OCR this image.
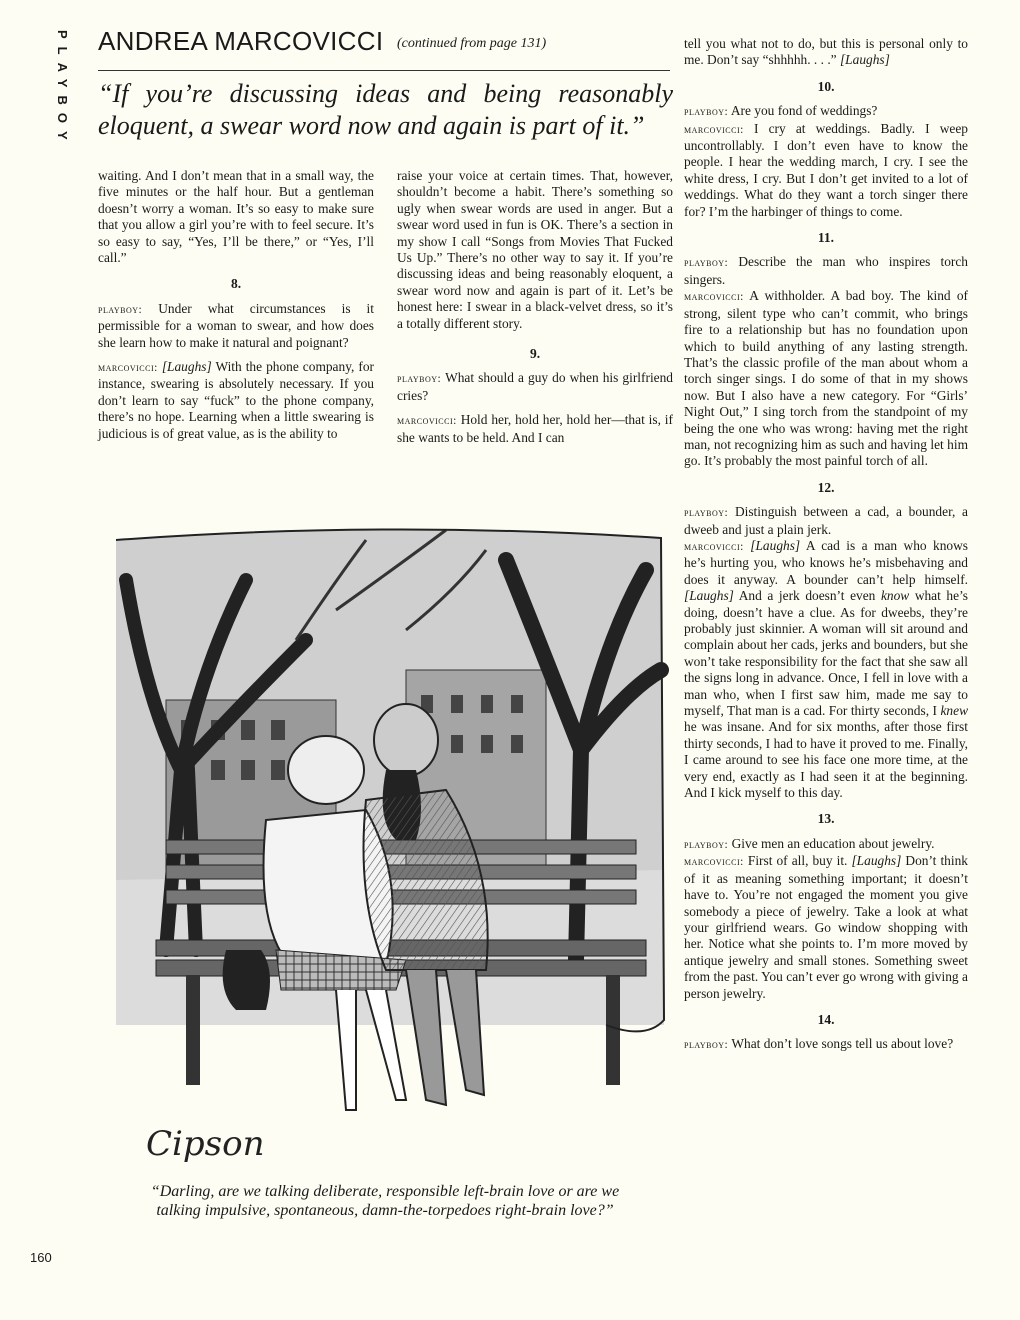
PLAYBOY ANDREA MARCOVICCI (continued from page 131)
“If you’re discussing ideas and being reasonably eloquent, a swear word now and again is part of it.”

waiting. And I don’t mean that in a small way, the five minutes or the half hour. But a gentleman doesn’t worry a woman. It’s so easy to make sure that you allow a girl you’re with to feel secure. It’s so easy to say, “Yes, I’ll be there,” or “Yes, I’ll call.”

8.

playboy: Under what circumstances is it permissible for a woman to swear, and how does she learn how to make it natural and poignant?

marcovicci: [Laughs] With the phone company, for instance, swearing is absolutely necessary. If you don’t learn to say “fuck” to the phone company, there’s no hope. Learning when a little swearing is judicious is of great value, as is the ability to

raise your voice at certain times. That, however, shouldn’t become a habit. There’s something so ugly when swear words are used in anger. But a swear word used in fun is OK. There’s a section in my show I call “Songs from Movies That Fucked Us Up.” There’s no other way to say it. If you’re discussing ideas and being reasonably eloquent, a swear word now and again is part of it. Let’s be honest here: I swear in a black-velvet dress, so it’s a totally different story.

9.

playboy: What should a guy do when his girlfriend cries?

marcovicci: Hold her, hold her, hold her—that is, if she wants to be held. And I can

tell you what not to do, but this is personal only to me. Don’t say “shhhhh. . . .” [Laughs]

10.

playboy: Are you fond of weddings?

marcovicci: I cry at weddings. Badly. I weep uncontrollably. I don’t even have to know the people. I hear the wedding march, I cry. I see the white dress, I cry. But I don’t get invited to a lot of weddings. What do they want a torch singer there for? I’m the harbinger of things to come.

11.

playboy: Describe the man who inspires torch singers.

marcovicci: A withholder. A bad boy. The kind of strong, silent type who can’t commit, who brings fire to a relationship but has no foundation upon which to build anything of any lasting strength. That’s the classic profile of the man about whom a torch singer sings. I do some of that in my shows now. But I also have a new category. For “Girls’ Night Out,” I sing torch from the standpoint of my being the one who was wrong: having met the right man, not recognizing him as such and having let him go. It’s probably the most painful torch of all.

12.

playboy: Distinguish between a cad, a bounder, a dweeb and just a plain jerk.

marcovicci: [Laughs] A cad is a man who knows he’s hurting you, who knows he’s misbehaving and does it anyway. A bounder can’t help himself. [Laughs] And a jerk doesn’t even know what he’s doing, doesn’t have a clue. As for dweebs, they’re probably just skinnier. A woman will sit around and complain about her cads, jerks and bounders, but she won’t take responsibility for the fact that she saw all the signs long in advance. Once, I fell in love with a man who, when I first saw him, made me say to myself, That man is a cad. For thirty seconds, I knew he was insane. And for six months, after those first thirty seconds, I had to have it proved to me. Finally, I came around to see his face one more time, at the very end, exactly as I had seen it at the beginning. And I kick myself to this day.

13.

playboy: Give men an education about jewelry.

marcovicci: First of all, buy it. [Laughs] Don’t think of it as meaning something important; it doesn’t have to. You’re not engaged the moment you give somebody a piece of jewelry. Take a look at what your girlfriend wears. Go window shopping with her. Notice what she points to. I’m more moved by antique jewelry and small stones. Something sweet from the past. You can’t ever go wrong with giving a person jewelry.

14.

playboy: What don’t love songs tell us about love?

Cipson
“Darling, are we talking deliberate, responsible left-brain love or are we talking impulsive, spontaneous, damn-the-torpedoes right-brain love?”
160
